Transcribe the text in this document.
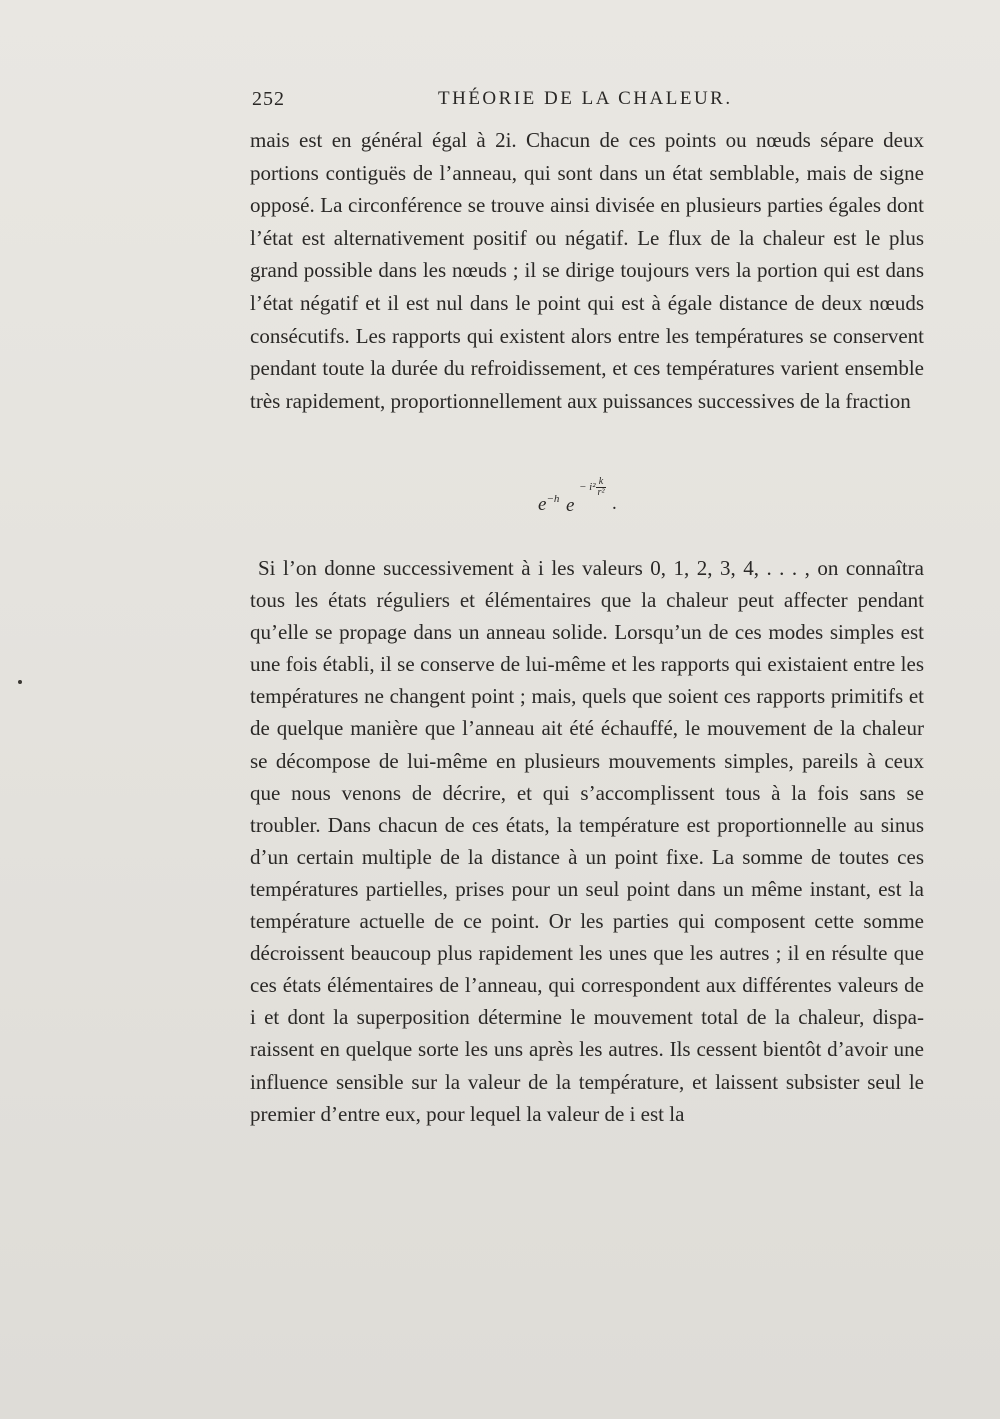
252	THÉORIE DE LA CHALEUR.
mais est en général égal à 2i. Chacun de ces points ou nœuds sépare deux portions contiguës de l’anneau, qui sont dans un état semblable, mais de signe opposé. La circonférence se trouve ainsi divisée en plusieurs parties égales dont l’état est alternativement positif ou négatif. Le flux de la chaleur est le plus grand possible dans les nœuds ; il se dirige toujours vers la portion qui est dans l’état négatif et il est nul dans le point qui est à égale distance de deux nœuds consécutifs. Les rapports qui existent alors entre les températures se conservent pendant toute la durée du refroidissement, et ces températures varient ensemble très rapidement, proportionnellement aux puissances successives de la fraction
$e^{-h}$ e
− i² k
r²
.
Si l’on donne successivement à i les valeurs 0, 1, 2, 3, 4, . . . , on connaîtra tous les états réguliers et élémentaires que la chaleur peut affecter pendant qu’elle se propage dans un anneau solide. Lorsqu’un de ces modes simples est une fois établi, il se conserve de lui-même et les rapports qui existaient entre les températures ne changent point ; mais, quels que soient ces rapports primitifs et de quelque manière que l’anneau ait été échauffé, le mouvement de la chaleur se décompose de lui-même en plusieurs mouvements simples, pareils à ceux que nous venons de décrire, et qui s’accomplissent tous à la fois sans se troubler. Dans chacun de ces états, la température est proportionnelle au sinus d’un certain multiple de la distance à un point fixe. La somme de toutes ces températures partielles, prises pour un seul point dans un même instant, est la température actuelle de ce point. Or les parties qui composent cette somme décroissent beaucoup plus rapidement les unes que les autres ; il en résulte que ces états élémentaires de l’anneau, qui correspondent aux différentes valeurs de i et dont la superposition détermine le mouvement total de la chaleur, disparaissent en quelque sorte les uns après les autres. Ils cessent bientôt d’avoir une influence sensible sur la valeur de la température, et laissent subsister seul le premier d’entre eux, pour lequel la valeur de i est la
